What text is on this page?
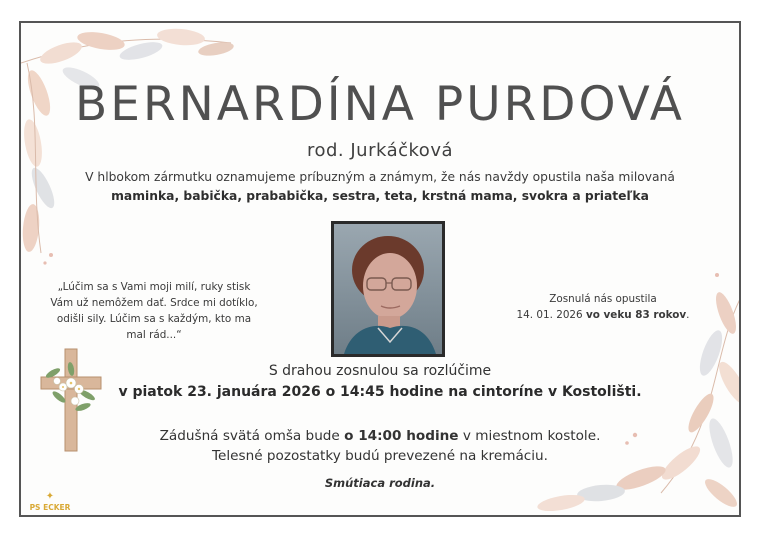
BERNARDÍNA PURDOVÁ
rod. Jurkáčková
V hlbokom zármutku oznamujeme príbuzným a známym, že nás navždy opustila naša milovaná
maminka, babička, prababička, sestra, teta, krstná mama, svokra a priateľka
„Lúčim sa s Vami moji milí, ruky stisk
Vám už nemôžem dať. Srdce mi dotíklo,
odišli sily. Lúčim sa s každým, kto ma
mal rád...“
Zosnulá nás opustila
14. 01. 2026 vo veku 83 rokov.
S drahou zosnulou sa rozlúčime
v piatok 23. januára 2026 o 14:45 hodine na cintoríne v Kostolišti.
Zádušná svätá omša bude o 14:00 hodine v miestnom kostole.
Telesné pozostatky budú prevezené na kremáciu.
Smútiaca rodina.
✦
PS ECKER
